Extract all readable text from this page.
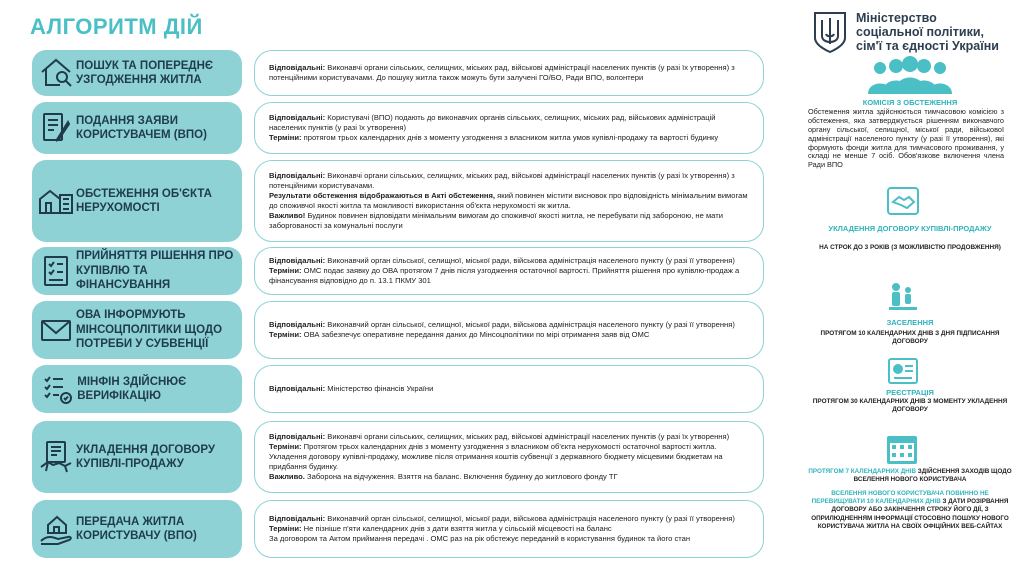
АЛГОРИТМ ДІЙ
ПОШУК ТА ПОПЕРЕДНЄ УЗГОДЖЕННЯ ЖИТЛА

Відповідальні: Виконавчі органи сільських, селищних, міських рад, військові адміністрації населених пунктів (у разі їх утворення) з потенційними користувачами. До пошуку житла також можуть бути залучені ГО/БО, Ради ВПО, волонтери

ПОДАННЯ ЗАЯВИ КОРИСТУВАЧЕМ (ВПО)

Відповідальні: Користувачі (ВПО) подають до виконавчих органів сільських, селищних, міських рад, військових адміністрацій населених пунктів (у разі їх утворення)

Терміни: протягом трьох календарних днів з моменту узгодження з власником житла умов купівлі-продажу та вартості будинку

ОБСТЕЖЕННЯ ОБ'ЄКТА НЕРУХОМОСТІ

Відповідальні: Виконавчі органи сільських, селищних, міських рад, військові адміністрації населених пунктів (у разі їх утворення) з потенційними користувачами.

Результати обстеження відображаються в Акті обстеження, який повинен містити висновок про відповідність мінімальним вимогам до споживчої якості житла та можливості використання об'єкта нерухомості як житла.

Важливо! Будинок повинен відповідати мінімальним вимогам до споживчої якості житла, не перебувати під забороною, не мати заборгованості за комунальні послуги

ПРИЙНЯТТЯ РІШЕННЯ ПРО КУПІВЛЮ ТА ФІНАНСУВАННЯ

Відповідальні: Виконавчий орган сільської, селищної, міської ради, військова адміністрація населеного пункту (у разі її утворення)

Терміни: ОМС подає заявку до ОВА протягом 7 днів після узгодження остаточної вартості. Прийняття рішення про купівлю-продаж а фінансування відповідно до п. 13.1 ПКМУ 301

ОВА ІНФОРМУЮТЬ МІНСОЦПОЛІТИКИ ЩОДО ПОТРЕБИ У СУБВЕНЦІЇ

Відповідальні: Виконавчий орган сільської, селищної, міської ради, військова адміністрація населеного пункту (у разі її утворення)

Терміни: ОВА забезпечує оперативне передання даних до Мінсоцполітики по мірі отримання заяв від ОМС

МІНФІН ЗДІЙСНЮЄ ВЕРИФІКАЦІЮ

Відповідальні: Міністерство фінансів України

УКЛАДЕННЯ ДОГОВОРУ КУПІВЛІ-ПРОДАЖУ

Відповідальні: Виконавчі органи сільських, селищних, міських рад, військові адміністрації населених пунктів (у разі їх утворення)

Терміни: Протягом трьох календарних днів з моменту узгодження з власником об'єкта нерухомості остаточної вартості житла. Укладення договору купівлі-продажу, можливе після отримання коштів субвенції з державного бюджету місцевими бюджетам на придбання будинку.

Важливо. Заборона на відчуження. Взяття на баланс. Включення будинку до житлового фонду ТГ

ПЕРЕДАЧА ЖИТЛА КОРИСТУВАЧУ (ВПО)

Відповідальні: Виконавчий орган сільської, селищної, міської ради, військова адміністрація населеного пункту (у разі її утворення)

Терміни: Не пізніше п'яти календарних днів з дати взяття житла у сільській місцевості на баланс

За договором та Актом приймання передачі . ОМС раз на рік обстежує переданий в користування будинок та його стан

Міністерство
соціальної політики,
сім'ї та єдності України
КОМІСІЯ З ОБСТЕЖЕННЯ
Обстеження житла здійснюється тимчасовою комісією з обстеження, яка затверджується рішенням виконавчого органу сільської, селищної, міської ради, військової адміністрації населеного пункту (у разі її утворення), які формують фонди житла для тимчасового проживання, у складі не менше 7 осіб. Обов'язкове включення члена Ради ВПО
УКЛАДЕННЯ ДОГОВОРУ КУПІВЛІ-ПРОДАЖУ
НА СТРОК ДО 3 РОКІВ (З МОЖЛИВІСТЮ ПРОДОВЖЕННЯ)
ЗАСЕЛЕННЯ
ПРОТЯГОМ 10 КАЛЕНДАРНИХ ДНІВ З ДНЯ ПІДПИСАННЯ ДОГОВОРУ
РЕЄСТРАЦІЯ
ПРОТЯГОМ 30 КАЛЕНДАРНИХ ДНІВ З МОМЕНТУ УКЛАДЕННЯ ДОГОВОРУ
ПРОТЯГОМ 7 КАЛЕНДАРНИХ ДНІВ ЗДІЙСНЕННЯ ЗАХОДІВ ЩОДО ВСЕЛЕННЯ НОВОГО КОРИСТУВАЧА
ВСЕЛЕННЯ НОВОГО КОРИСТУВАЧА ПОВИННО НЕ ПЕРЕВИЩУВАТИ 10 КАЛЕНДАРНИХ ДНІВ З ДАТИ РОЗІРВАННЯ ДОГОВОРУ АБО ЗАКІНЧЕННЯ СТРОКУ ЙОГО ДІЇ, З ОПРИЛЮДНЕННЯМ ІНФОРМАЦІЇ СТОСОВНО ПОШУКУ НОВОГО КОРИСТУВАЧА ЖИТЛА НА СВОЇХ ОФІЦІЙНИХ ВЕБ-САЙТАХ
